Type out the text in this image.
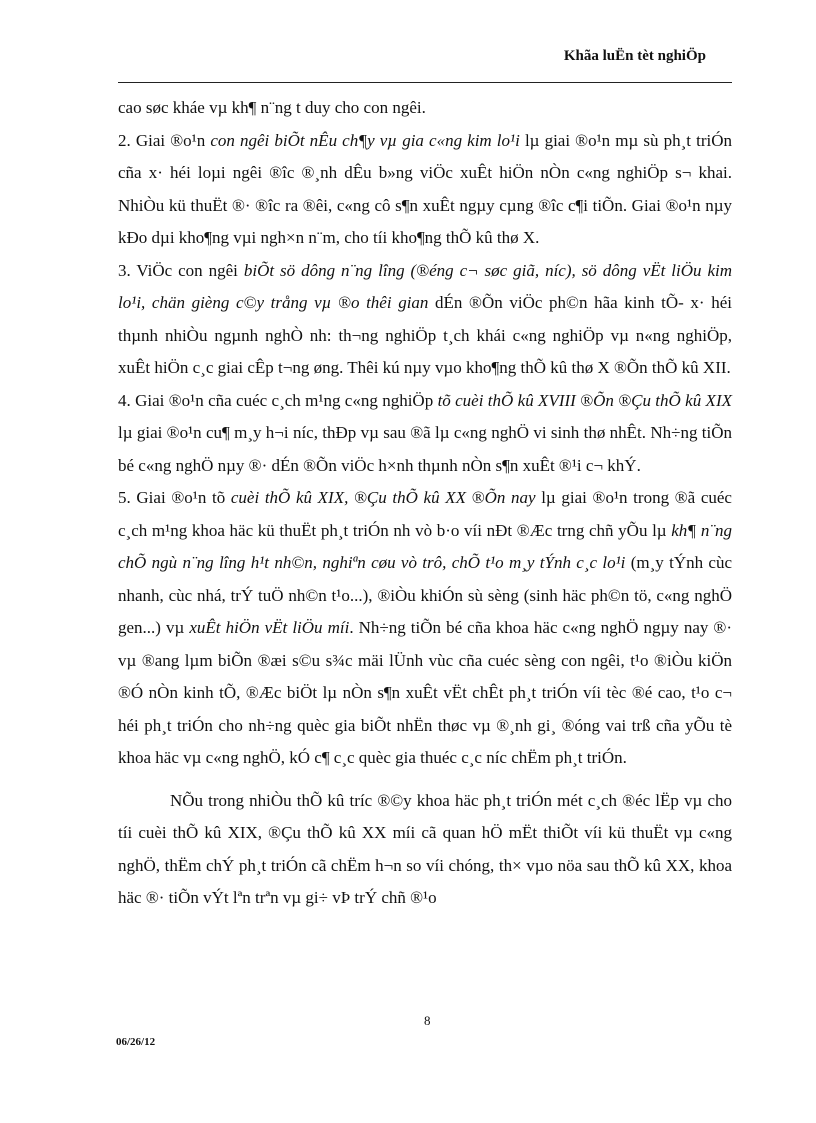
Khãa luËn tèt nghiÖp

cao søc kháe vµ kh¶ n¨ng t duy cho con ngêi.

2. Giai ®o¹n con ngêi biÕt nÊu ch¶y vµ gia c«ng kim lo¹i lµ giai ®o¹n mµ sù ph¸t triÓn cña x· héi loµi ngêi ®îc ®¸nh dÊu b»ng viÖc xuÊt hiÖn nÒn c«ng nghiÖp s¬ khai. NhiÒu kü thuËt ®· ®îc ra ®êi, c«ng cô s¶n xuÊt ngµy cµng ®îc c¶i tiÕn. Giai ®o¹n nµy kÐo dµi kho¶ng vµi ngh×n n¨m, cho tíi kho¶ng thÕ kû thø X.

3. ViÖc con ngêi biÕt sö dông n¨ng lîng (®éng c¬ søc giã, níc), sö dông vËt liÖu kim lo¹i, chän gièng c©y trång vµ ®o thêi gian dÉn ®Õn viÖc ph©n hãa kinh tÕ- x· héi thµnh nhiÒu ngµnh nghÒ nh: th¬ng nghiÖp t¸ch khái c«ng nghiÖp vµ n«ng nghiÖp, xuÊt hiÖn c¸c giai cÊp t¬ng øng. Thêi kú nµy vµo kho¶ng thÕ kû thø X ®Õn thÕ kû XII.

4. Giai ®o¹n cña cuéc c¸ch m¹ng c«ng nghiÖp tõ cuèi thÕ kû XVIII ®Õn ®Çu thÕ kû XIX lµ giai ®o¹n cu¶ m¸y h¬i níc, thÐp vµ sau ®ã lµ c«ng nghÖ vi sinh thø nhÊt. Nh÷ng tiÕn bé c«ng nghÖ nµy ®· dÉn ®Õn viÖc h×nh thµnh nÒn s¶n xuÊt ®¹i c¬ khÝ.

5. Giai ®o¹n tõ cuèi thÕ kû XIX, ®Çu thÕ kû XX ®Õn nay lµ giai ®o¹n trong ®ã cuéc c¸ch m¹ng khoa häc kü thuËt ph¸t triÓn nh vò b·o víi nÐt ®Æc trng chñ yÕu lµ kh¶ n¨ng chÕ ngù n¨ng lîng h¹t nh©n, nghiªn cøu vò trô, chÕ t¹o m¸y tÝnh c¸c lo¹i (m¸y tÝnh cùc nhanh, cùc nhá, trÝ tuÖ nh©n t¹o...), ®iÒu khiÓn sù sèng (sinh häc ph©n tö, c«ng nghÖ gen...) vµ xuÊt hiÖn vËt liÖu míi. Nh÷ng tiÕn bé cña khoa häc c«ng nghÖ ngµy nay ®· vµ ®ang lµm biÕn ®æi s©u s¾c mäi lÜnh vùc cña cuéc sèng con ngêi, t¹o ®iÒu kiÖn ®Ó nÒn kinh tÕ, ®Æc biÖt lµ nÒn s¶n xuÊt vËt chÊt ph¸t triÓn víi tèc ®é cao, t¹o c¬ héi ph¸t triÓn cho nh÷ng quèc gia biÕt nhËn thøc vµ ®¸nh gi¸ ®óng vai trß cña yÕu tè khoa häc vµ c«ng nghÖ, kÓ c¶ c¸c quèc gia thuéc c¸c níc chËm ph¸t triÓn.

NÕu trong nhiÒu thÕ kû tríc ®©y khoa häc ph¸t triÓn mét c¸ch ®éc lËp vµ cho tíi cuèi thÕ kû XIX, ®Çu thÕ kû XX míi cã quan hÖ mËt thiÕt víi kü thuËt vµ c«ng nghÖ, thËm chÝ ph¸t triÓn cã chËm h¬n so víi chóng, th× vµo nöa sau thÕ kû XX, khoa häc ®· tiÕn vÝt lªn trªn vµ gi÷ vÞ trÝ chñ ®¹o

8
06/26/12
